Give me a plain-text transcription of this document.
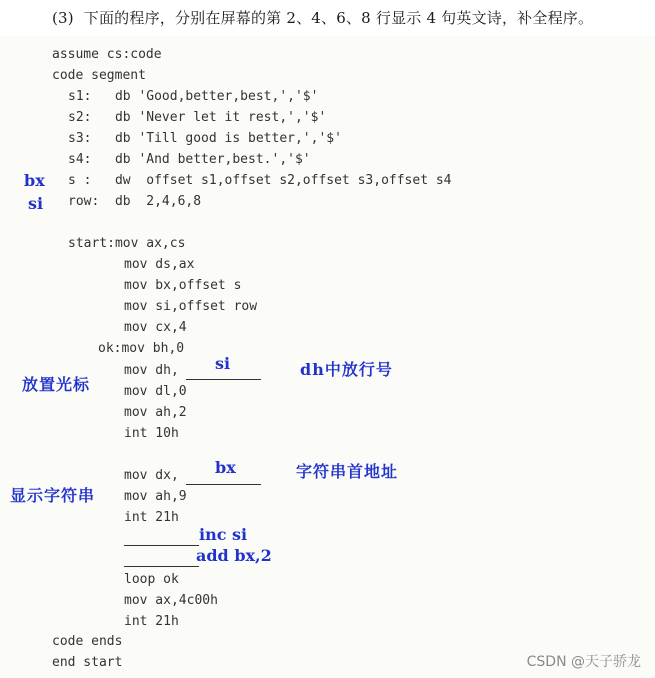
(3)  下面的程序，分别在屏幕的第 2、4、6、8 行显示 4 句英文诗，补全程序。
assume cs:code
code segment
s1:   db 'Good,better,best,','$'
s2:   db 'Never let it rest,','$'
s3:   db 'Till good is better,','$'
s4:   db 'And better,best.','$'
s :   dw  offset s1,offset s2,offset s3,offset s4
row:  db  2,4,6,8
start:mov ax,cs
mov ds,ax
mov bx,offset s
mov si,offset row
mov cx,4
ok:mov bh,0
mov dh,
mov dl,0
mov ah,2
int 10h
mov dx,
mov ah,9
int 21h
loop ok
mov ax,4c00h
int 21h
code ends
end start
bx
si
si	dh中放行号
放置光标
bx	字符串首地址
显示字符串
inc si
add bx,2
CSDN @天子骄龙
